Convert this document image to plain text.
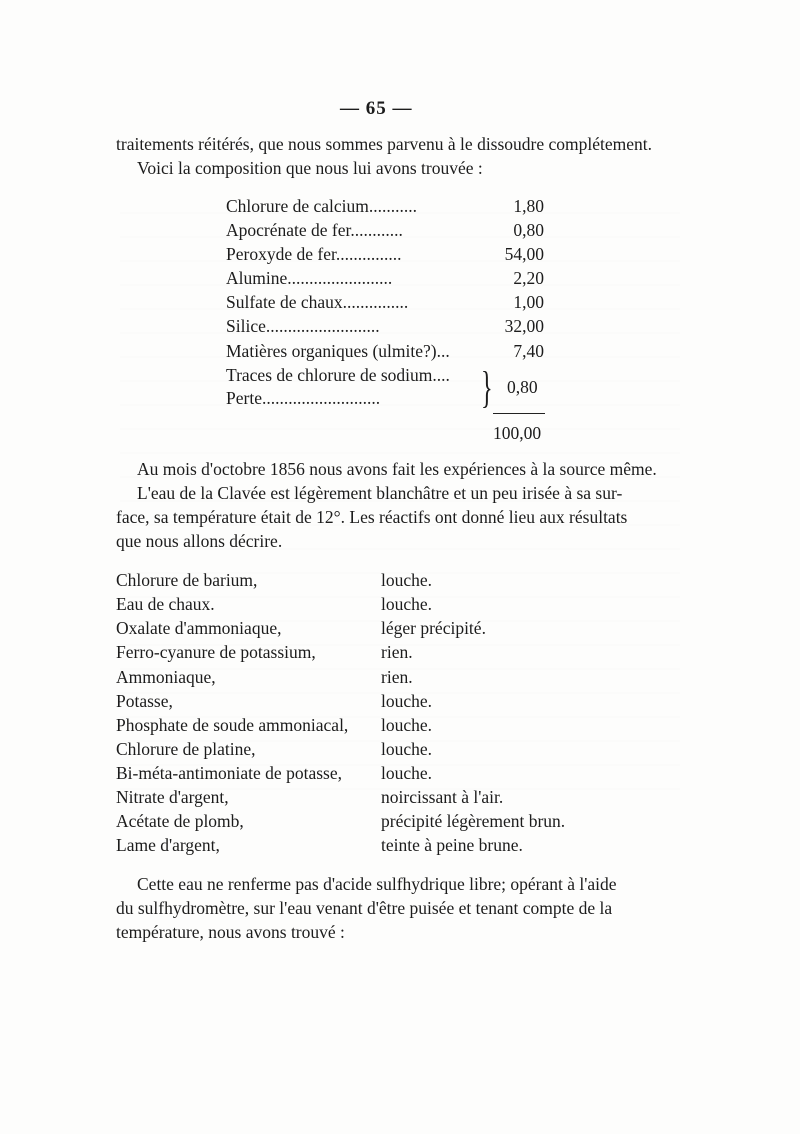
— 65 —
traitements réitérés, que nous sommes parvenu à le dissoudre complétement.
Voici la composition que nous lui avons trouvée :
Chlorure de calcium...........	1,80
Apocrénate de fer............	0,80
Peroxyde de fer...............	54,00
Alumine........................	2,20
Sulfate de chaux...............	1,00
Silice..........................	32,00
Matières organiques (ulmite?)...	7,40
Traces de chlorure de sodium....
Perte........................... } 0,80
100,00
Au mois d'octobre 1856 nous avons fait les expériences à la source même.
L'eau de la Clavée est légèrement blanchâtre et un peu irisée à sa sur-
face, sa température était de 12°. Les réactifs ont donné lieu aux résultats
que nous allons décrire.
Chlorure de barium,	louche.
Eau de chaux.	louche.
Oxalate d'ammoniaque,	léger précipité.
Ferro-cyanure de potassium,	rien.
Ammoniaque,	rien.
Potasse,	louche.
Phosphate de soude ammoniacal, louche.
Chlorure de platine,	louche.
Bi-méta-antimoniate de potasse, louche.
Nitrate d'argent,	noircissant à l'air.
Acétate de plomb,	précipité légèrement brun.
Lame d'argent,	teinte à peine brune.
Cette eau ne renferme pas d'acide sulfhydrique libre; opérant à l'aide
du sulfhydromètre, sur l'eau venant d'être puisée et tenant compte de la
température, nous avons trouvé :
